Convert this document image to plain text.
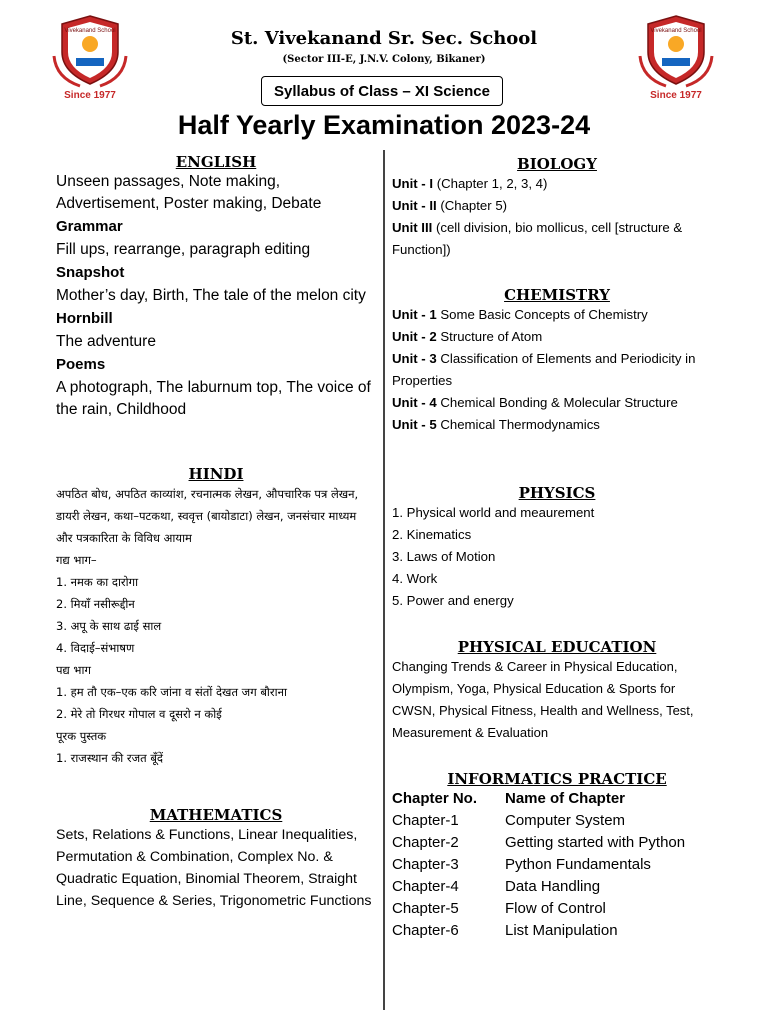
Vivekanand School
Since 1977
Vivekanand School
Since 1977
St. Vivekanand Sr. Sec. School
(Sector III-E, J.N.V. Colony, Bikaner)
Syllabus of Class – XI Science
Half Yearly Examination 2023-24
ENGLISH
Unseen passages, Note making, Advertisement, Poster making, Debate
Grammar
Fill ups, rearrange, paragraph editing
Snapshot
Mother’s day, Birth, The tale of the melon city
Hornbill
The adventure
Poems
A photograph, The laburnum top, The voice of the rain, Childhood
HINDI
अपठित बोध, अपठित काव्यांश, रचनात्मक लेखन, औपचारिक पत्र लेखन, डायरी लेखन, कथा–पटकथा, स्ववृत्त (बायोडाटा) लेखन, जनसंचार माध्यम और पत्रकारिता के विविध आयाम
गद्य भाग–
1. नमक का दारोगा
2. मियाँ नसीरूद्दीन
3. अपू के साथ ढाई साल
4. विदाई–संभाषण
पद्य भाग
1. हम तौ एक–एक करि जांना व संतों देखत जग बौराना
2. मेरे तो गिरधर गोपाल व दूसरो न कोई
पूरक पुस्तक
1. राजस्थान की रजत बूँदें
MATHEMATICS
Sets, Relations & Functions, Linear Inequalities, Permutation & Combination, Complex No. & Quadratic Equation, Binomial Theorem, Straight Line, Sequence & Series, Trigonometric Functions
BIOLOGY
Unit - I (Chapter 1, 2, 3, 4)
Unit - II (Chapter 5)
Unit III (cell division, bio mollicus, cell [structure & Function])
CHEMISTRY
Unit - 1 Some Basic Concepts of Chemistry
Unit - 2 Structure of Atom
Unit - 3 Classification of Elements and Periodicity in Properties
Unit - 4 Chemical Bonding & Molecular Structure
Unit - 5 Chemical Thermodynamics
PHYSICS
1. Physical world and meaurement
2. Kinematics
3. Laws of Motion
4. Work
5. Power and energy
PHYSICAL EDUCATION
Changing Trends & Career in Physical Education, Olympism, Yoga, Physical Education & Sports for CWSN, Physical Fitness, Health and Wellness, Test, Measurement & Evaluation
INFORMATICS PRACTICE
Chapter No.	Name of Chapter
Chapter-1	Computer System
Chapter-2	Getting started with Python
Chapter-3	Python Fundamentals
Chapter-4	Data Handling
Chapter-5	Flow of Control
Chapter-6	List Manipulation
